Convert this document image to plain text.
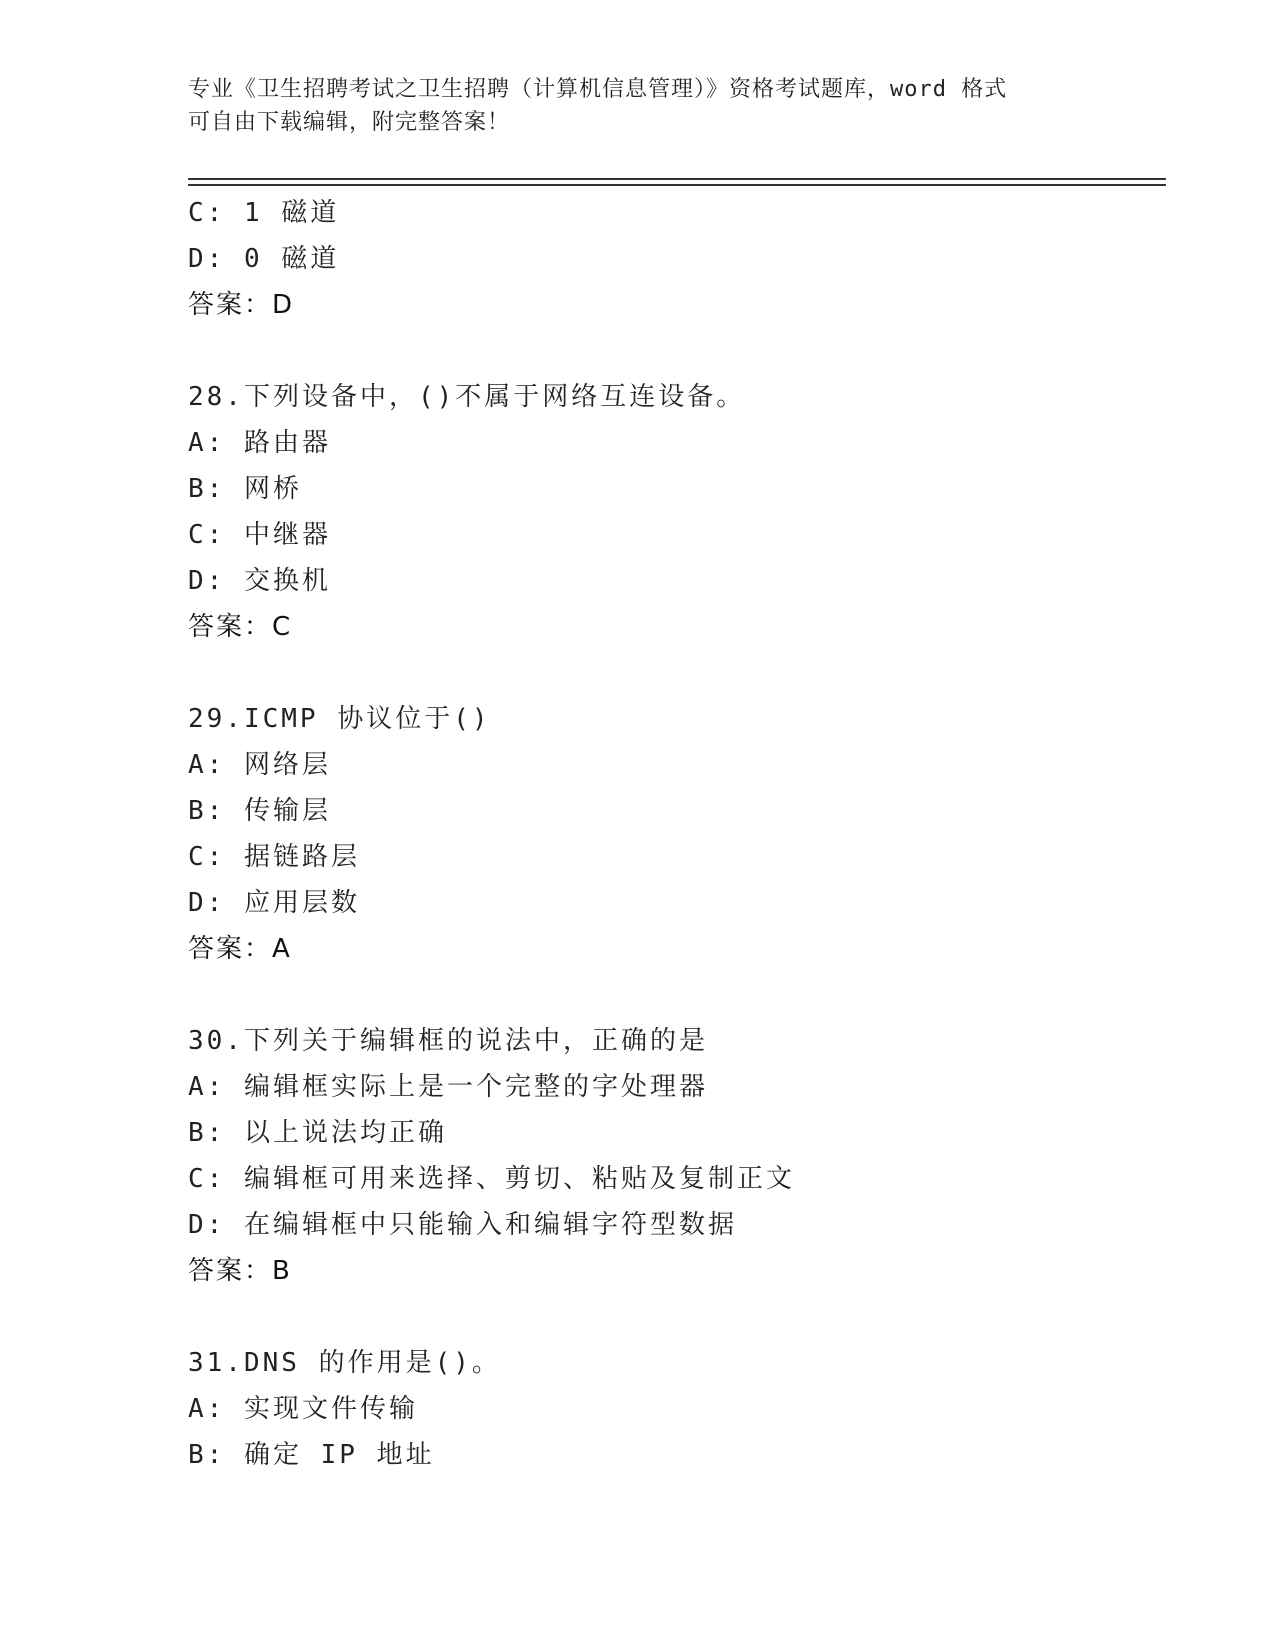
专业《卫生招聘考试之卫生招聘（计算机信息管理）》资格考试题库，word 格式
可自由下载编辑，附完整答案！
C: 1 磁道
D: 0 磁道
答案：D
28.下列设备中，()不属于网络互连设备。
A: 路由器
B: 网桥
C: 中继器
D: 交换机
答案：C
29.ICMP 协议位于()
A: 网络层
B: 传输层
C: 据链路层
D: 应用层数
答案：A
30.下列关于编辑框的说法中，正确的是
A: 编辑框实际上是一个完整的字处理器
B: 以上说法均正确
C: 编辑框可用来选择、剪切、粘贴及复制正文
D: 在编辑框中只能输入和编辑字符型数据
答案：B
31.DNS 的作用是()。
A: 实现文件传输
B: 确定 IP 地址
